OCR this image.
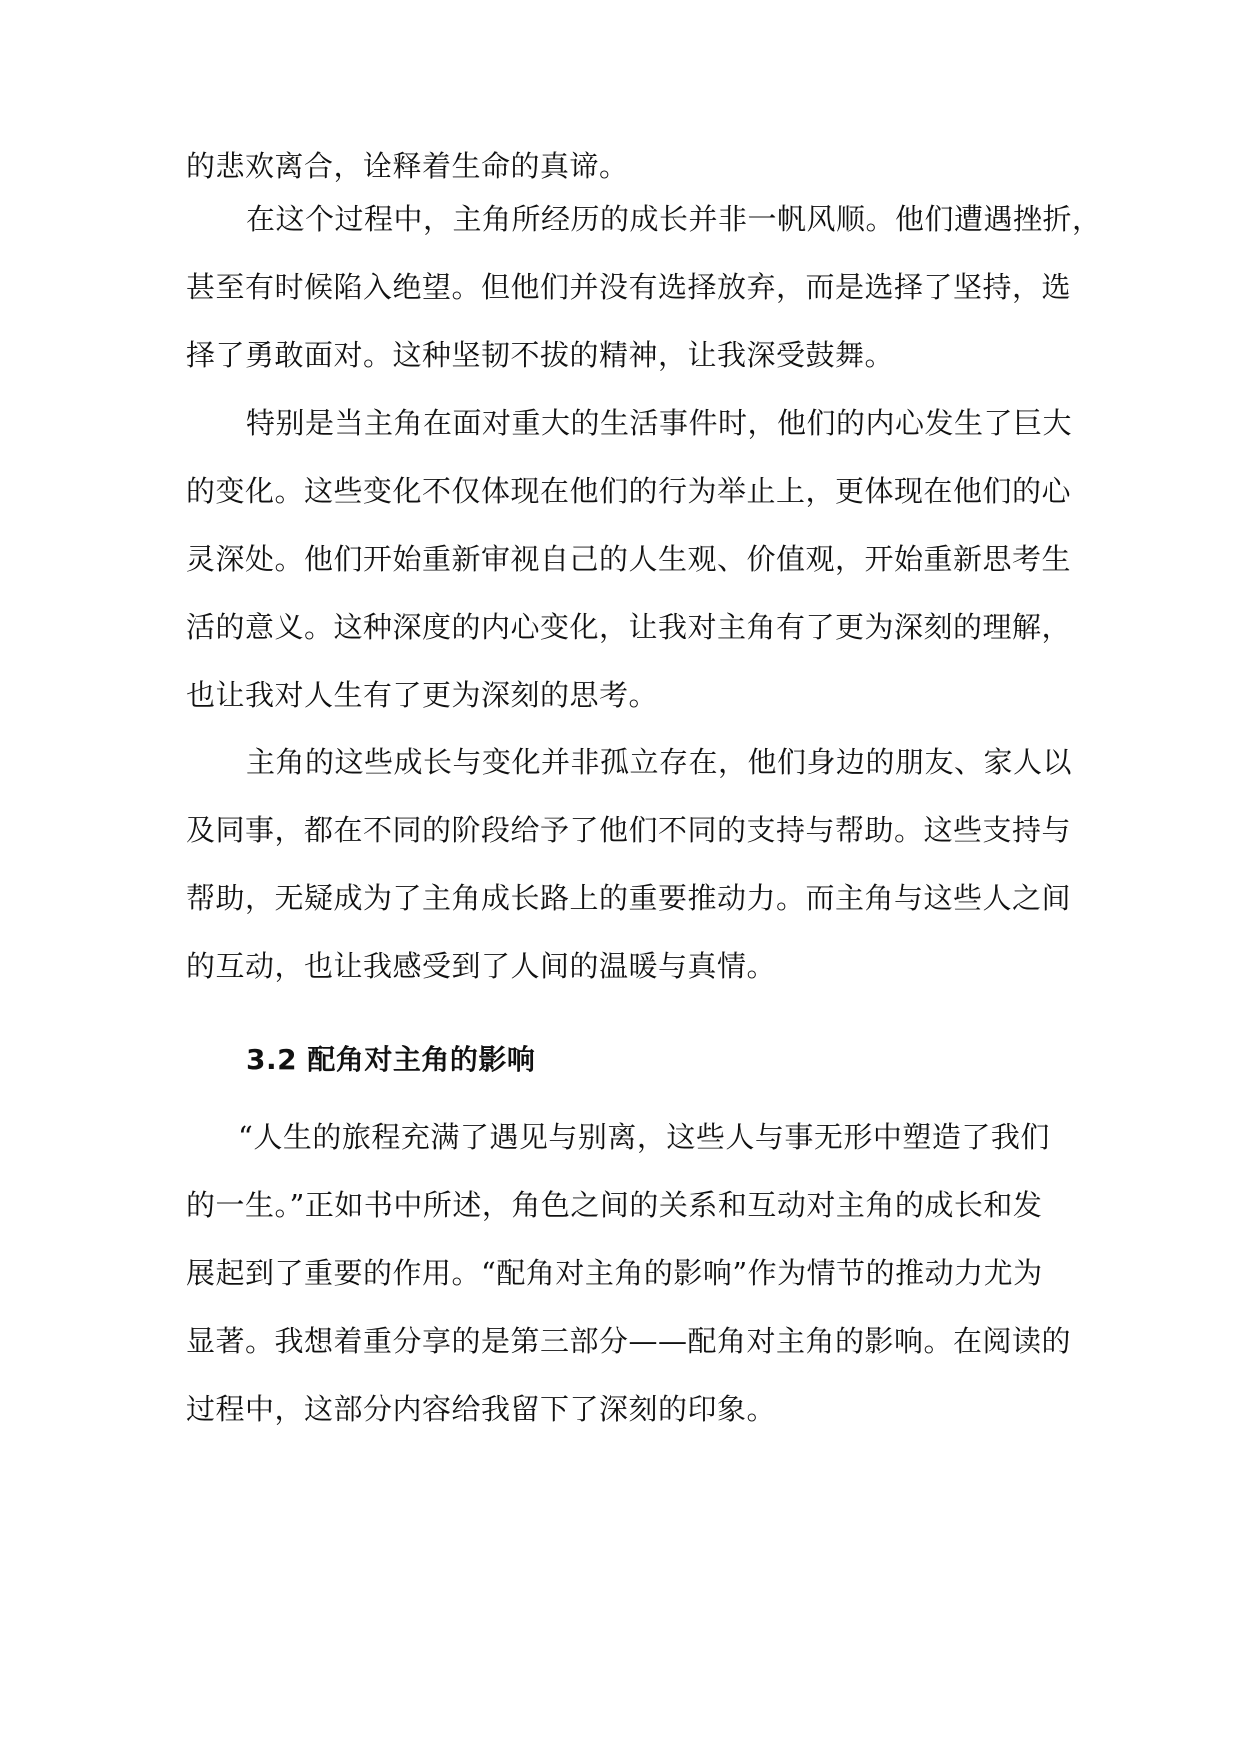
的悲欢离合，诠释着生命的真谛。
在这个过程中，主角所经历的成长并非一帆风顺。他们遭遇挫折，
甚至有时候陷入绝望。但他们并没有选择放弃，而是选择了坚持，选
择了勇敢面对。这种坚韧不拔的精神，让我深受鼓舞。
特别是当主角在面对重大的生活事件时，他们的内心发生了巨大
的变化。这些变化不仅体现在他们的行为举止上，更体现在他们的心
灵深处。他们开始重新审视自己的人生观、价值观，开始重新思考生
活的意义。这种深度的内心变化，让我对主角有了更为深刻的理解，
也让我对人生有了更为深刻的思考。
主角的这些成长与变化并非孤立存在，他们身边的朋友、家人以
及同事，都在不同的阶段给予了他们不同的支持与帮助。这些支持与
帮助，无疑成为了主角成长路上的重要推动力。而主角与这些人之间
的互动，也让我感受到了人间的温暖与真情。
3.2 配角对主角的影响
“人生的旅程充满了遇见与别离，这些人与事无形中塑造了我们
的一生。”正如书中所述，角色之间的关系和互动对主角的成长和发
展起到了重要的作用。“配角对主角的影响”作为情节的推动力尤为
显著。我想着重分享的是第三部分——配角对主角的影响。在阅读的
过程中，这部分内容给我留下了深刻的印象。
